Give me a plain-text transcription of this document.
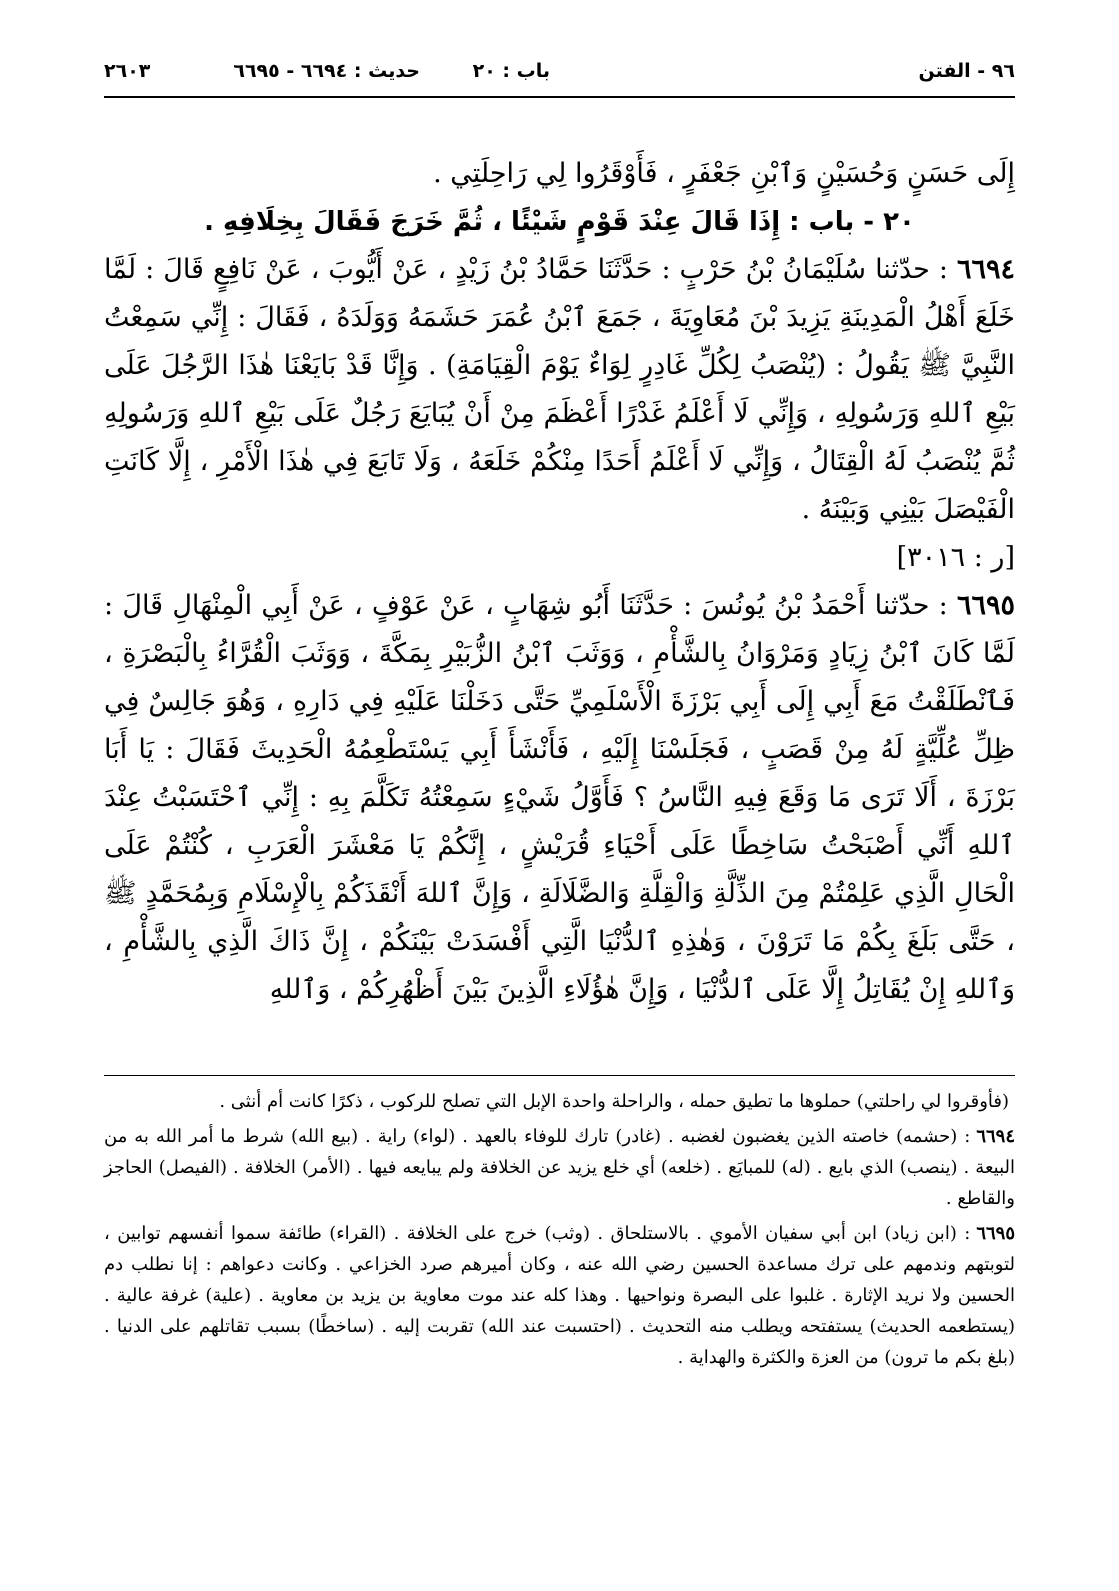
٩٦ - الفتن
باب : ٢٠
حديث : ٦٦٩٤ - ٦٦٩٥
٢٦٠٣

إِلَى حَسَنٍ وَحُسَيْنٍ وَٱبْنِ جَعْفَرٍ ، فَأَوْقَرُوا لِي رَاحِلَتِي .

٢٠ - باب : إِذَا قَالَ عِنْدَ قَوْمٍ شَيْئًا ، ثُمَّ خَرَجَ فَقَالَ بِخِلَافِهِ .

٦٦٩٤ : حدّثنا سُلَيْمَانُ بْنُ حَرْبٍ : حَدَّثَنَا حَمَّادُ بْنُ زَيْدٍ ، عَنْ أَيُّوبَ ، عَنْ نَافِعٍ قَالَ : لَمَّا خَلَعَ أَهْلُ الْمَدِينَةِ يَزِيدَ بْنَ مُعَاوِيَةَ ، جَمَعَ ٱبْنُ عُمَرَ حَشَمَهُ وَوَلَدَهُ ، فَقَالَ : إِنِّي سَمِعْتُ النَّبِيَّ ﷺ يَقُولُ : (يُنْصَبُ لِكُلِّ غَادِرٍ لِوَاءٌ يَوْمَ الْقِيَامَةِ) . وَإِنَّا قَدْ بَايَعْنَا هٰذَا الرَّجُلَ عَلَى بَيْعِ ٱللهِ وَرَسُولِهِ ، وَإِنِّي لَا أَعْلَمُ غَدْرًا أَعْظَمَ مِنْ أَنْ يُبَايَعَ رَجُلٌ عَلَى بَيْعِ ٱللهِ وَرَسُولِهِ ثُمَّ يُنْصَبُ لَهُ الْقِتَالُ ، وَإِنِّي لَا أَعْلَمُ أَحَدًا مِنْكُمْ خَلَعَهُ ، وَلَا تَابَعَ فِي هٰذَا الْأَمْرِ ، إِلَّا كَانَتِ الْفَيْصَلَ بَيْنِي وَبَيْنَهُ .

[ر : ٣٠١٦]

٦٦٩٥ : حدّثنا أَحْمَدُ بْنُ يُونُسَ : حَدَّثَنَا أَبُو شِهَابٍ ، عَنْ عَوْفٍ ، عَنْ أَبِي الْمِنْهَالِ قَالَ : لَمَّا كَانَ ٱبْنُ زِيَادٍ وَمَرْوَانُ بِالشَّأْمِ ، وَوَثَبَ ٱبْنُ الزُّبَيْرِ بِمَكَّةَ ، وَوَثَبَ الْقُرَّاءُ بِالْبَصْرَةِ ، فَٱنْطَلَقْتُ مَعَ أَبِي إِلَى أَبِي بَرْزَةَ الْأَسْلَمِيِّ حَتَّى دَخَلْنَا عَلَيْهِ فِي دَارِهِ ، وَهُوَ جَالِسٌ فِي ظِلِّ عُلِّيَّةٍ لَهُ مِنْ قَصَبٍ ، فَجَلَسْنَا إِلَيْهِ ، فَأَنْشَأَ أَبِي يَسْتَطْعِمُهُ الْحَدِيثَ فَقَالَ : يَا أَبَا بَرْزَةَ ، أَلَا تَرَى مَا وَقَعَ فِيهِ النَّاسُ ؟ فَأَوَّلُ شَيْءٍ سَمِعْتُهُ تَكَلَّمَ بِهِ : إِنِّي ٱحْتَسَبْتُ عِنْدَ ٱللهِ أَنِّي أَصْبَحْتُ سَاخِطًا عَلَى أَحْيَاءِ قُرَيْشٍ ، إِنَّكُمْ يَا مَعْشَرَ الْعَرَبِ ، كُنْتُمْ عَلَى الْحَالِ الَّذِي عَلِمْتُمْ مِنَ الذِّلَّةِ وَالْقِلَّةِ وَالضَّلَالَةِ ، وَإِنَّ ٱللهَ أَنْقَذَكُمْ بِالْإِسْلَامِ وَبِمُحَمَّدٍ ﷺ ، حَتَّى بَلَغَ بِكُمْ مَا تَرَوْنَ ، وَهٰذِهِ ٱلدُّنْيَا الَّتِي أَفْسَدَتْ بَيْنَكُمْ ، إِنَّ ذَاكَ الَّذِي بِالشَّأْمِ ، وَٱللهِ إِنْ يُقَاتِلُ إِلَّا عَلَى ٱلدُّنْيَا ، وَإِنَّ هٰؤُلَاءِ الَّذِينَ بَيْنَ أَظْهُرِكُمْ ، وَٱللهِ

(فأوقروا لي راحلتي) حملوها ما تطيق حمله ، والراحلة واحدة الإبل التي تصلح للركوب ، ذكرًا كانت أم أنثى .

٦٦٩٤: (حشمه) خاصته الذين يغضبون لغضبه . (غادر) تارك للوفاء بالعهد . (لواء) راية . (بيع الله) شرط ما أمر الله به من البيعة . (ينصب) الذي بايع . (له) للمبايَع . (خلعه) أي خلع يزيد عن الخلافة ولم يبايعه فيها . (الأمر) الخلافة . (الفيصل) الحاجز والقاطع .

٦٦٩٥: (ابن زياد) ابن أبي سفيان الأموي . بالاستلحاق . (وثب) خرج على الخلافة . (القراء) طائفة سموا أنفسهم توابين ، لتوبتهم وندمهم على ترك مساعدة الحسين رضي الله عنه ، وكان أميرهم صرد الخزاعي . وكانت دعواهم : إنا نطلب دم الحسين ولا نريد الإثارة . غلبوا على البصرة ونواحيها . وهذا كله عند موت معاوية بن يزيد بن معاوية . (علية) غرفة عالية . (يستطعمه الحديث) يستفتحه ويطلب منه التحديث . (احتسبت عند الله) تقربت إليه . (ساخطًا) بسبب تقاتلهم على الدنيا . (بلغ بكم ما ترون) من العزة والكثرة والهداية .
